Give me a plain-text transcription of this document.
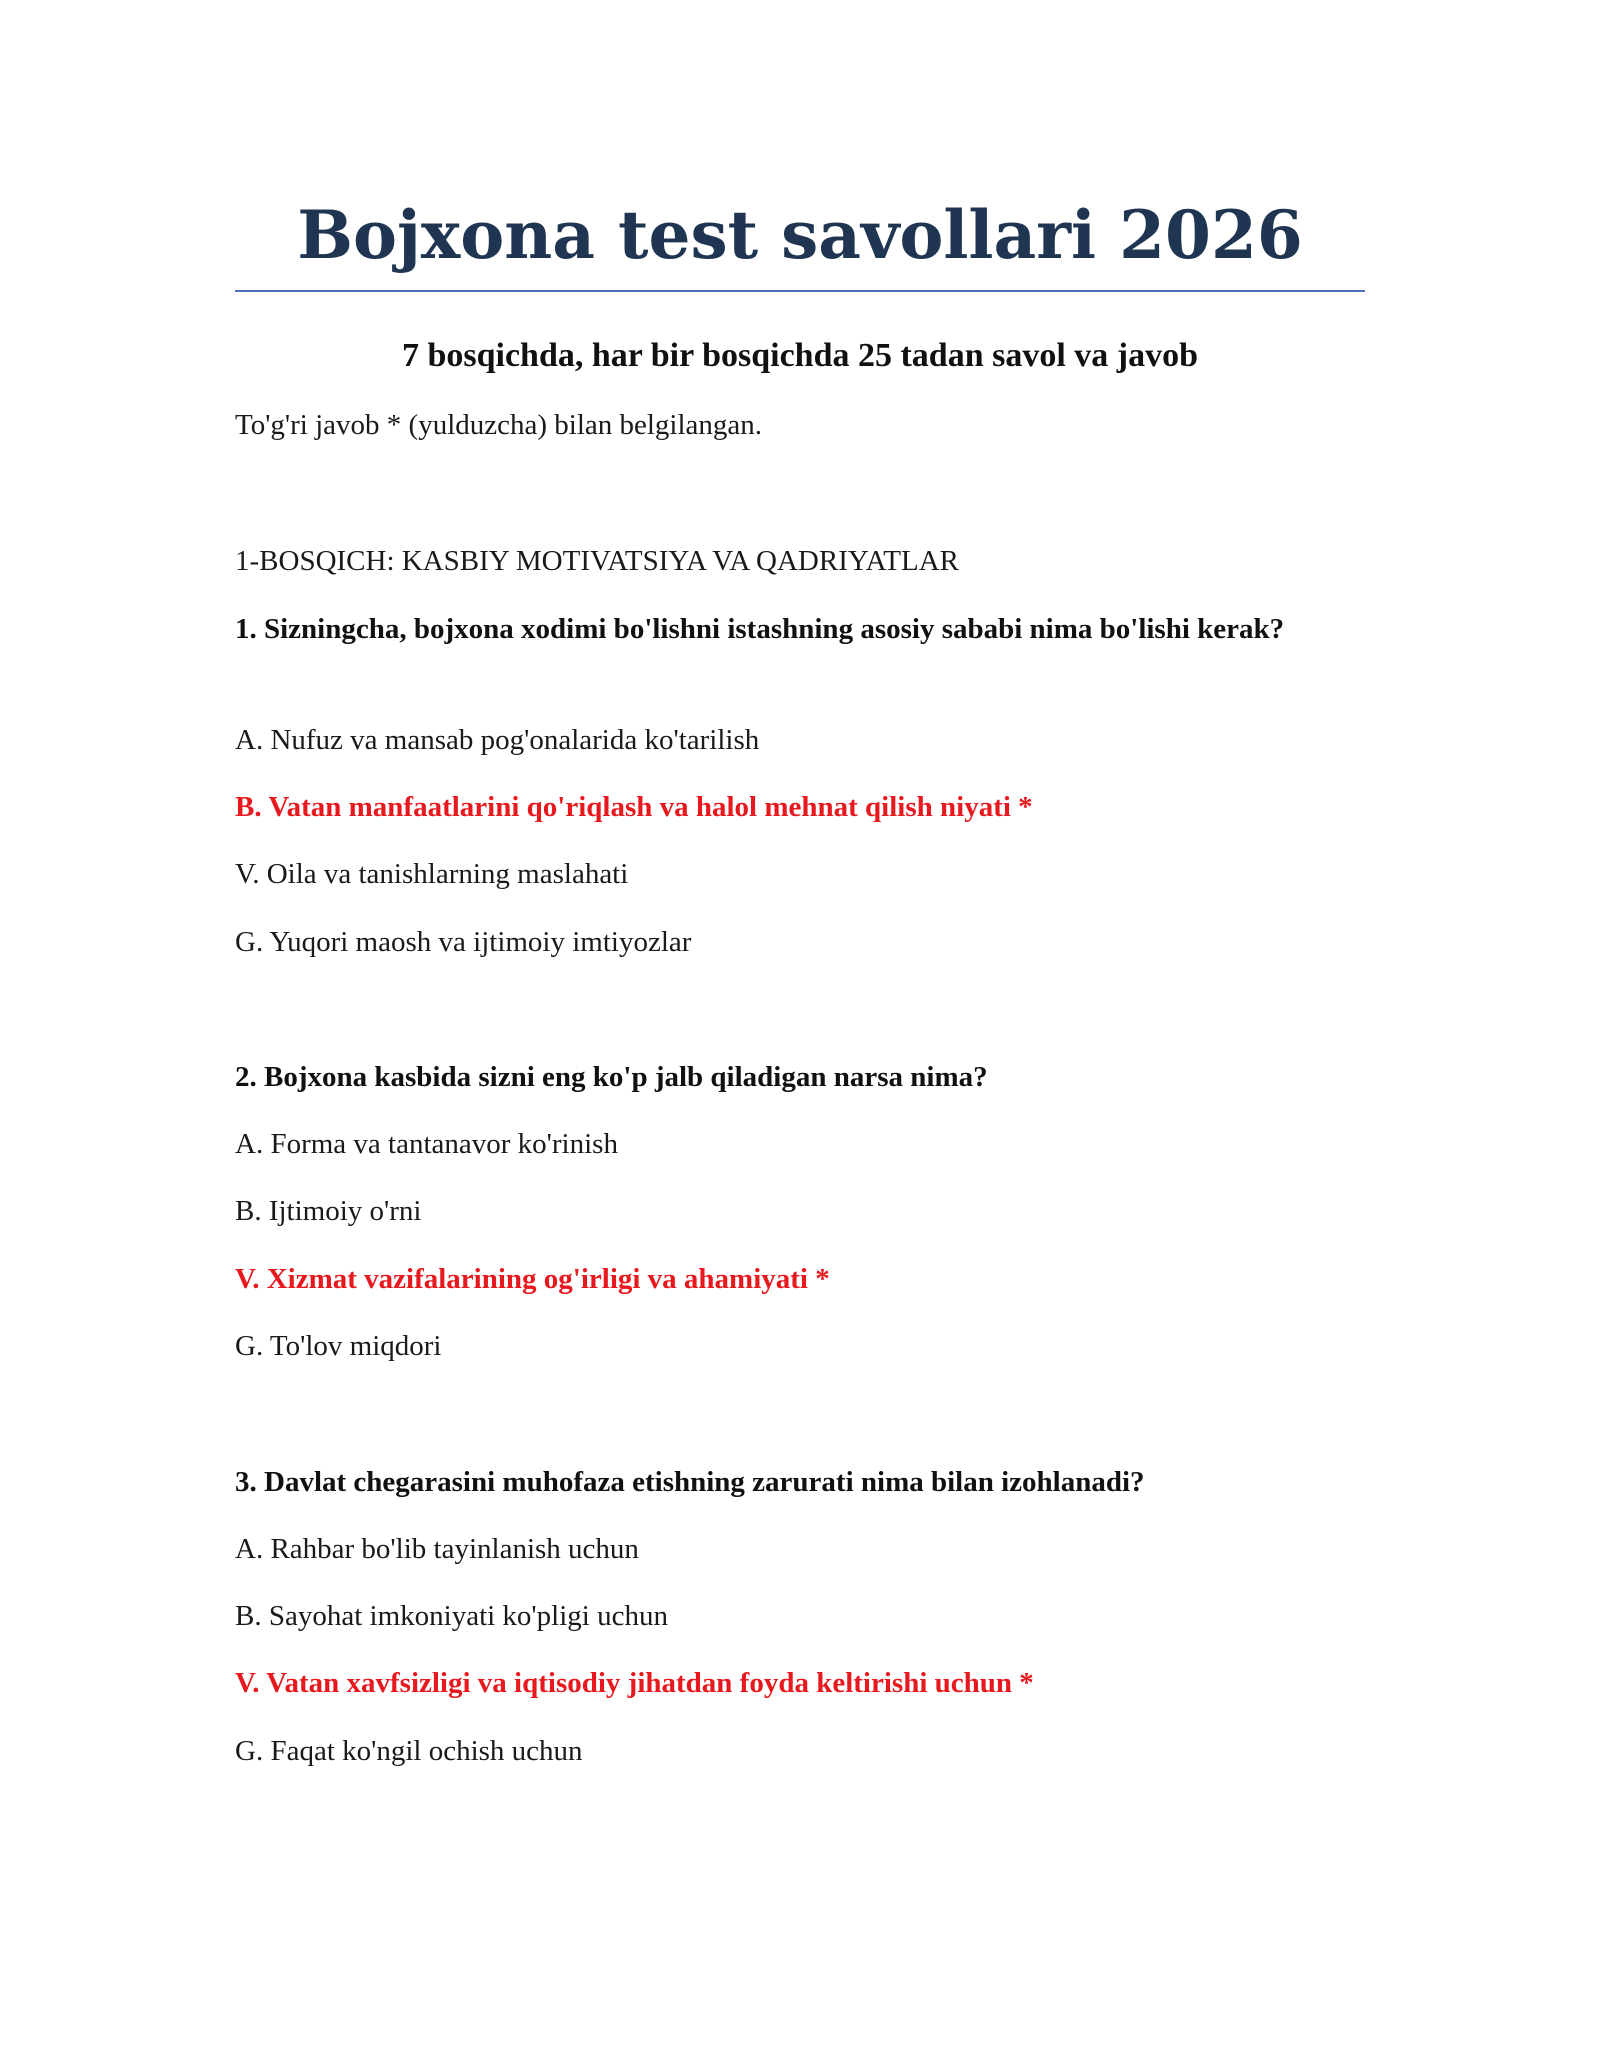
Bojxona test savollari 2026
7 bosqichda, har bir bosqichda 25 tadan savol va javob

To'g'ri javob * (yulduzcha) bilan belgilangan.

1-BOSQICH: KASBIY MOTIVATSIYA VA QADRIYATLAR

1. Sizningcha, bojxona xodimi bo'lishni istashning asosiy sababi nima bo'lishi kerak?

A. Nufuz va mansab pog'onalarida ko'tarilish

B. Vatan manfaatlarini qo'riqlash va halol mehnat qilish niyati *

V. Oila va tanishlarning maslahati

G. Yuqori maosh va ijtimoiy imtiyozlar

2. Bojxona kasbida sizni eng ko'p jalb qiladigan narsa nima?

A. Forma va tantanavor ko'rinish

B. Ijtimoiy o'rni

V. Xizmat vazifalarining og'irligi va ahamiyati *

G. To'lov miqdori

3. Davlat chegarasini muhofaza etishning zarurati nima bilan izohlanadi?

A. Rahbar bo'lib tayinlanish uchun

B. Sayohat imkoniyati ko'pligi uchun

V. Vatan xavfsizligi va iqtisodiy jihatdan foyda keltirishi uchun *

G. Faqat ko'ngil ochish uchun
